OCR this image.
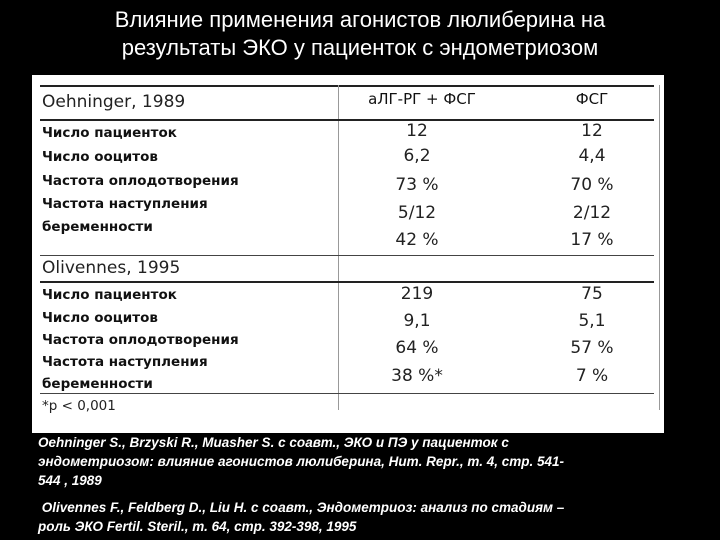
Влияние применения агонистов люлиберина на
результаты ЭКО у пациенток с эндометриозом
Oehninger, 1989	аЛГ-РГ + ФСГ	ФСГ
Число пациенток
Число ооцитов
Частота оплодотворения
Частота наступления
беременности
12
6,2
73 %
5/12
42 %
12
4,4
70 %
2/12
17 %
Olivennes, 1995
Число пациенток
Число ооцитов
Частота оплодотворения
Частота наступления
беременности
219
9,1
64 %
38 %*
75
5,1
57 %
7 %
*р < 0,001
Oehninger S., Brzyski R., Muasher S. с соавт., ЭКО и ПЭ у пациенток с
эндометриозом: влияние агонистов люлиберина, Hum. Repr., т. 4, стр. 541-
544 , 1989
Olivennes F., Feldberg D., Liu H. с соавт., Эндометриоз: анализ по стадиям –
роль ЭКО Fertil. Steril., т. 64, стр. 392-398, 1995
